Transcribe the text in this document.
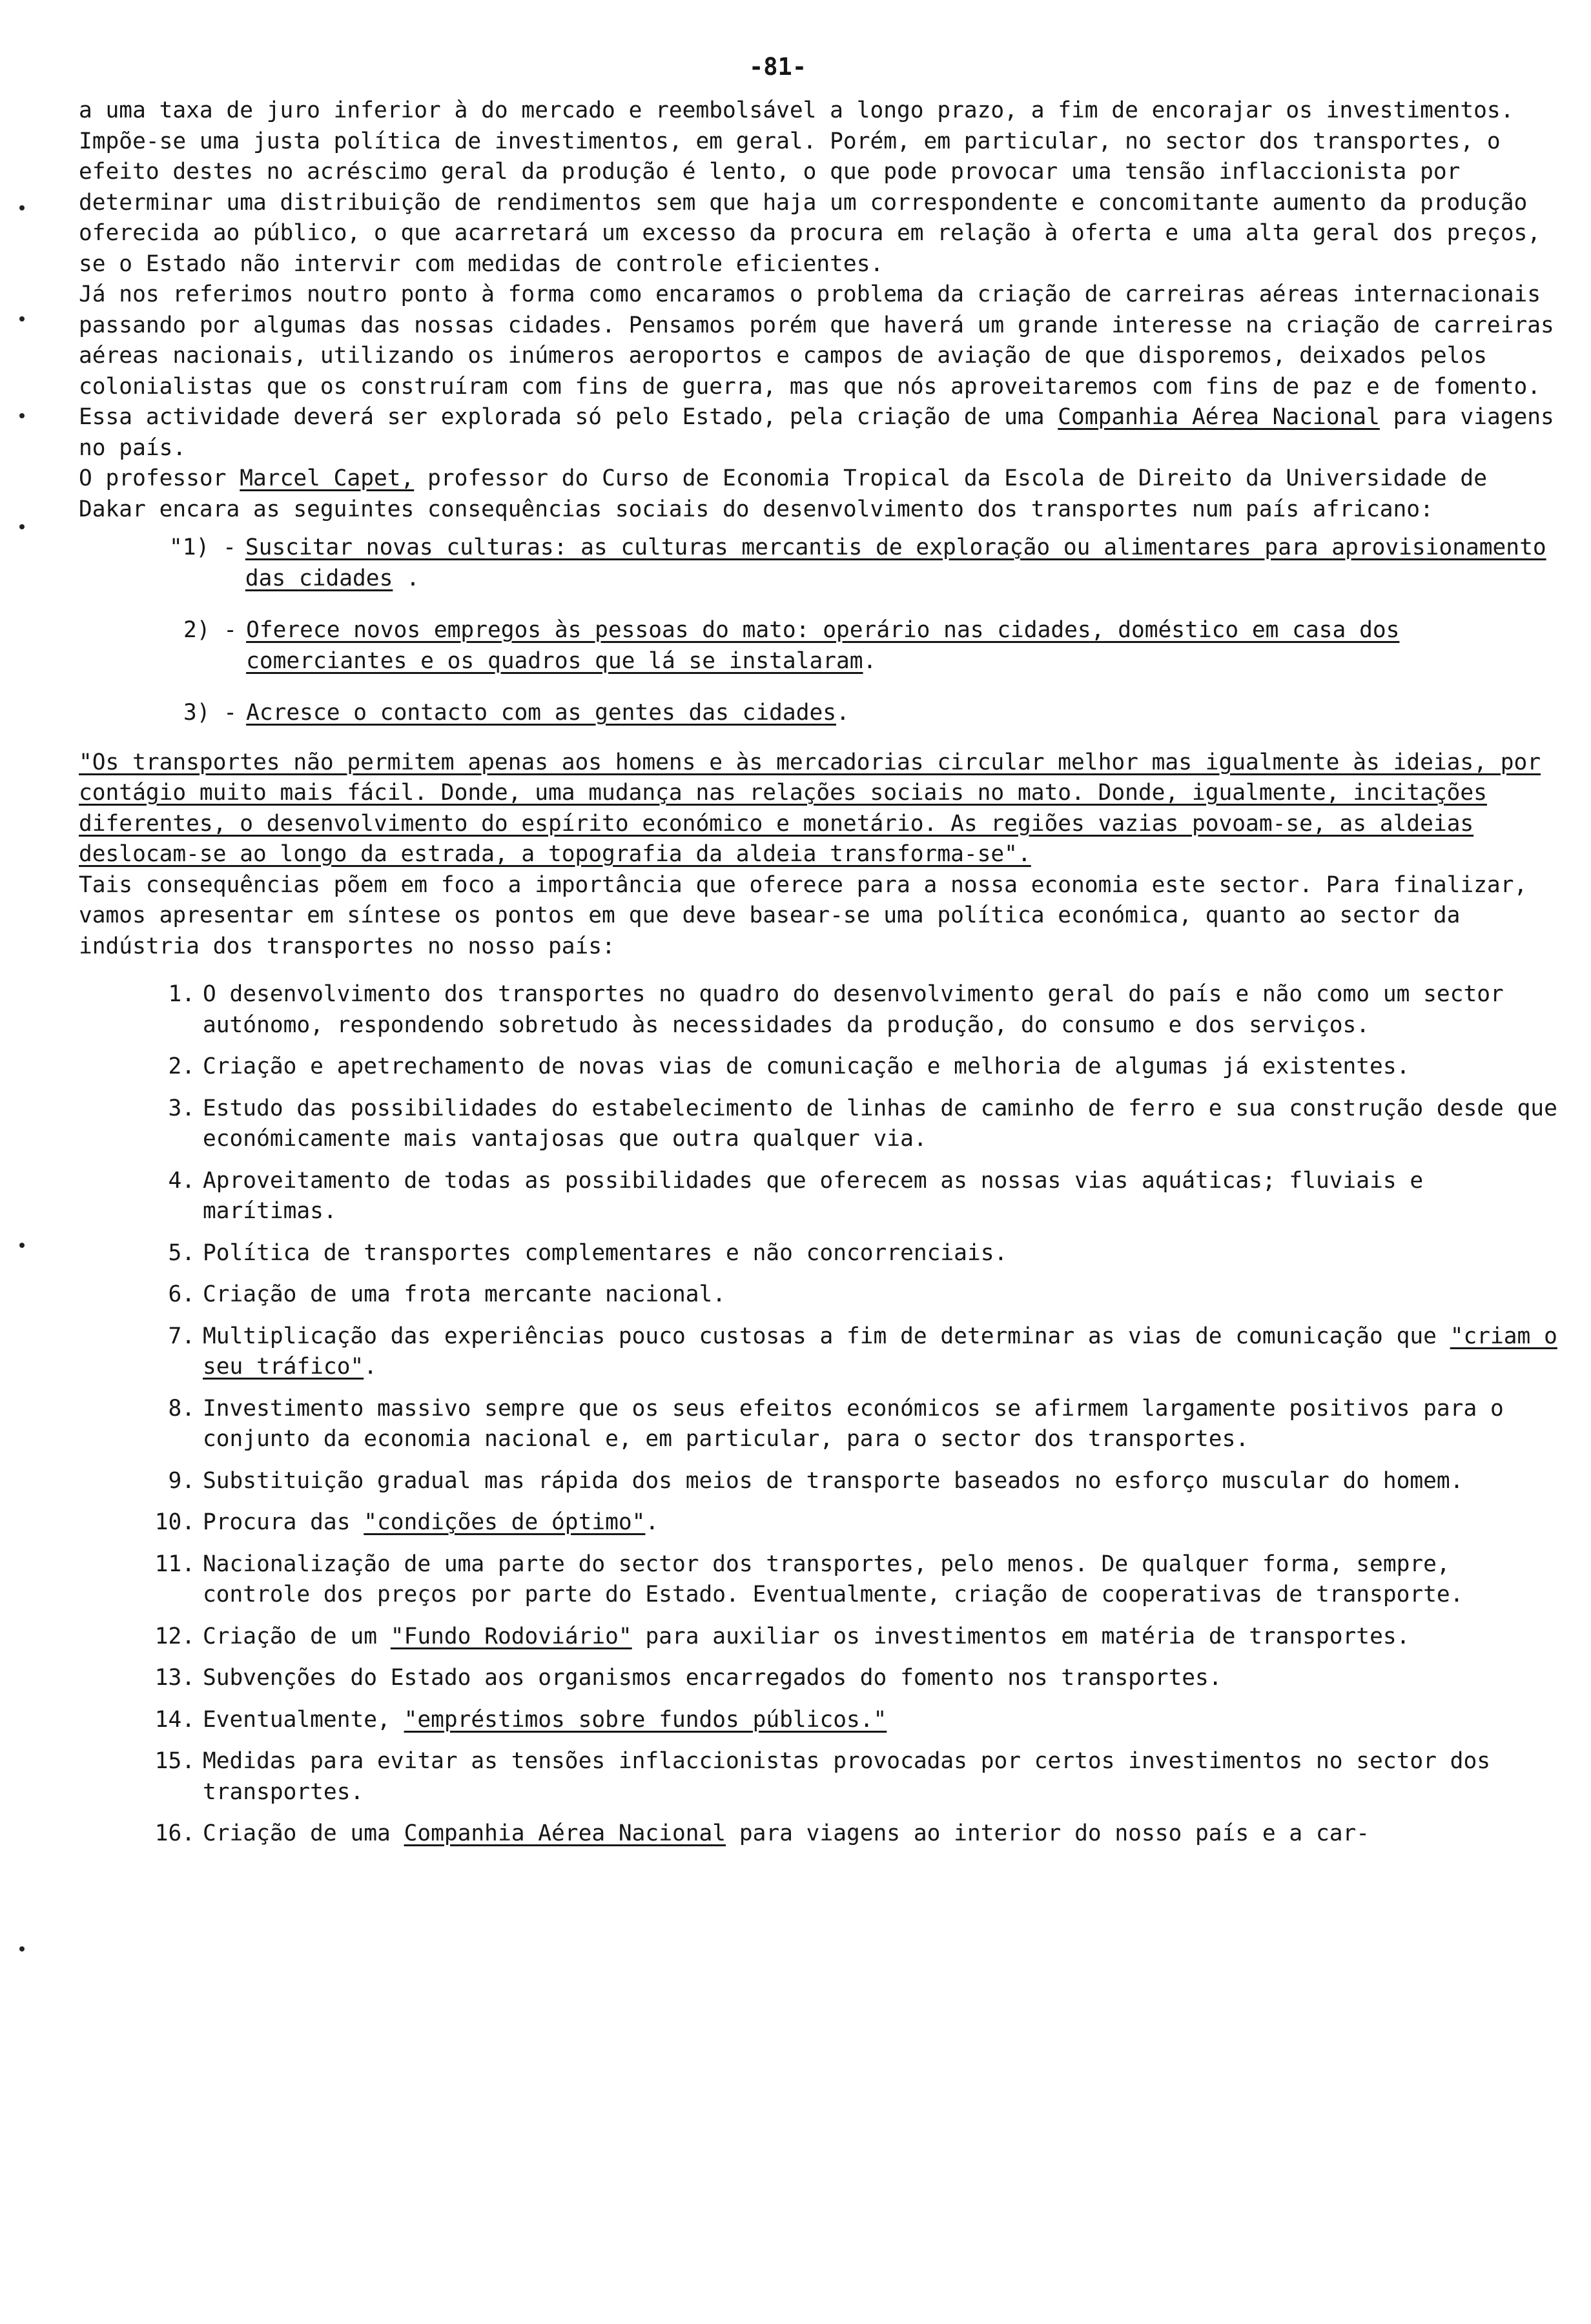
-81-

a uma taxa de juro inferior à do mercado e reembolsável a longo prazo, a fim de encorajar os investimentos.

Impõe-se uma justa política de investimentos, em geral. Porém, em particular, no sector dos transportes, o efeito destes no acréscimo geral da produção é lento, o que pode provocar uma tensão inflaccionista por determinar uma distribuição de rendimentos sem que haja um correspondente e concomitante aumento da produção oferecida ao público, o que acarretará um excesso da procura em relação à oferta e uma alta geral dos preços, se o Estado não intervir com medidas de controle eficientes.

Já nos referimos noutro ponto à forma como encaramos o problema da criação de carreiras aéreas internacionais passando por algumas das nossas cidades. Pensamos porém que haverá um grande interesse na criação de carreiras aéreas nacionais, utilizando os inúmeros aeroportos e campos de aviação de que disporemos, deixados pelos colonialistas que os construíram com fins de guerra, mas que nós aproveitaremos com fins de paz e de fomento. Essa actividade deverá ser explorada só pelo Estado, pela criação de uma Companhia Aérea Nacional para viagens no país.

O professor Marcel Capet, professor do Curso de Economia Tropical da Escola de Direito da Universidade de Dakar encara as seguintes consequências sociais do desenvolvimento dos transportes num país africano:

"1) - Suscitar novas culturas: as culturas mercantis de exploração ou alimentares para aprovisionamento das cidades .
2) - Oferece novos empregos às pessoas do mato: operário nas cidades, doméstico em casa dos comerciantes e os quadros que lá se instalaram.
3) - Acresce o contacto com as gentes das cidades.

"Os transportes não permitem apenas aos homens e às mercadorias circular melhor mas igualmente às ideias, por contágio muito mais fácil. Donde, uma mudança nas relações sociais no mato. Donde, igualmente, incitações diferentes, o desenvolvimento do espírito económico e monetário. As regiões vazias povoam-se, as aldeias deslocam-se ao longo da estrada, a topografia da aldeia transforma-se".

Tais consequências põem em foco a importância que oferece para a nossa economia este sector. Para finalizar, vamos apresentar em síntese os pontos em que deve basear-se uma política económica, quanto ao sector da indústria dos transportes no nosso país:

1. O desenvolvimento dos transportes no quadro do desenvolvimento geral do país e não como um sector autónomo, respondendo sobretudo às necessidades da produção, do consumo e dos serviços.
2. Criação e apetrechamento de novas vias de comunicação e melhoria de algumas já existentes.
3. Estudo das possibilidades do estabelecimento de linhas de caminho de ferro e sua construção desde que económicamente mais vantajosas que outra qualquer via.
4. Aproveitamento de todas as possibilidades que oferecem as nossas vias aquáticas; fluviais e marítimas.
5. Política de transportes complementares e não concorrenciais.
6. Criação de uma frota mercante nacional.
7. Multiplicação das experiências pouco custosas a fim de determinar as vias de comunicação que "criam o seu tráfico".
8. Investimento massivo sempre que os seus efeitos económicos se afirmem largamente positivos para o conjunto da economia nacional e, em particular, para o sector dos transportes.
9. Substituição gradual mas rápida dos meios de transporte baseados no esforço muscular do homem.
10. Procura das "condições de óptimo".
11. Nacionalização de uma parte do sector dos transportes, pelo menos. De qualquer forma, sempre, controle dos preços por parte do Estado. Eventualmente, criação de cooperativas de transporte.
12. Criação de um "Fundo Rodoviário" para auxiliar os investimentos em matéria de transportes.
13. Subvenções do Estado aos organismos encarregados do fomento nos transportes.
14. Eventualmente, "empréstimos sobre fundos públicos."
15. Medidas para evitar as tensões inflaccionistas provocadas por certos investimentos no sector dos transportes.
16. Criação de uma Companhia Aérea Nacional para viagens ao interior do nosso país e a car-
